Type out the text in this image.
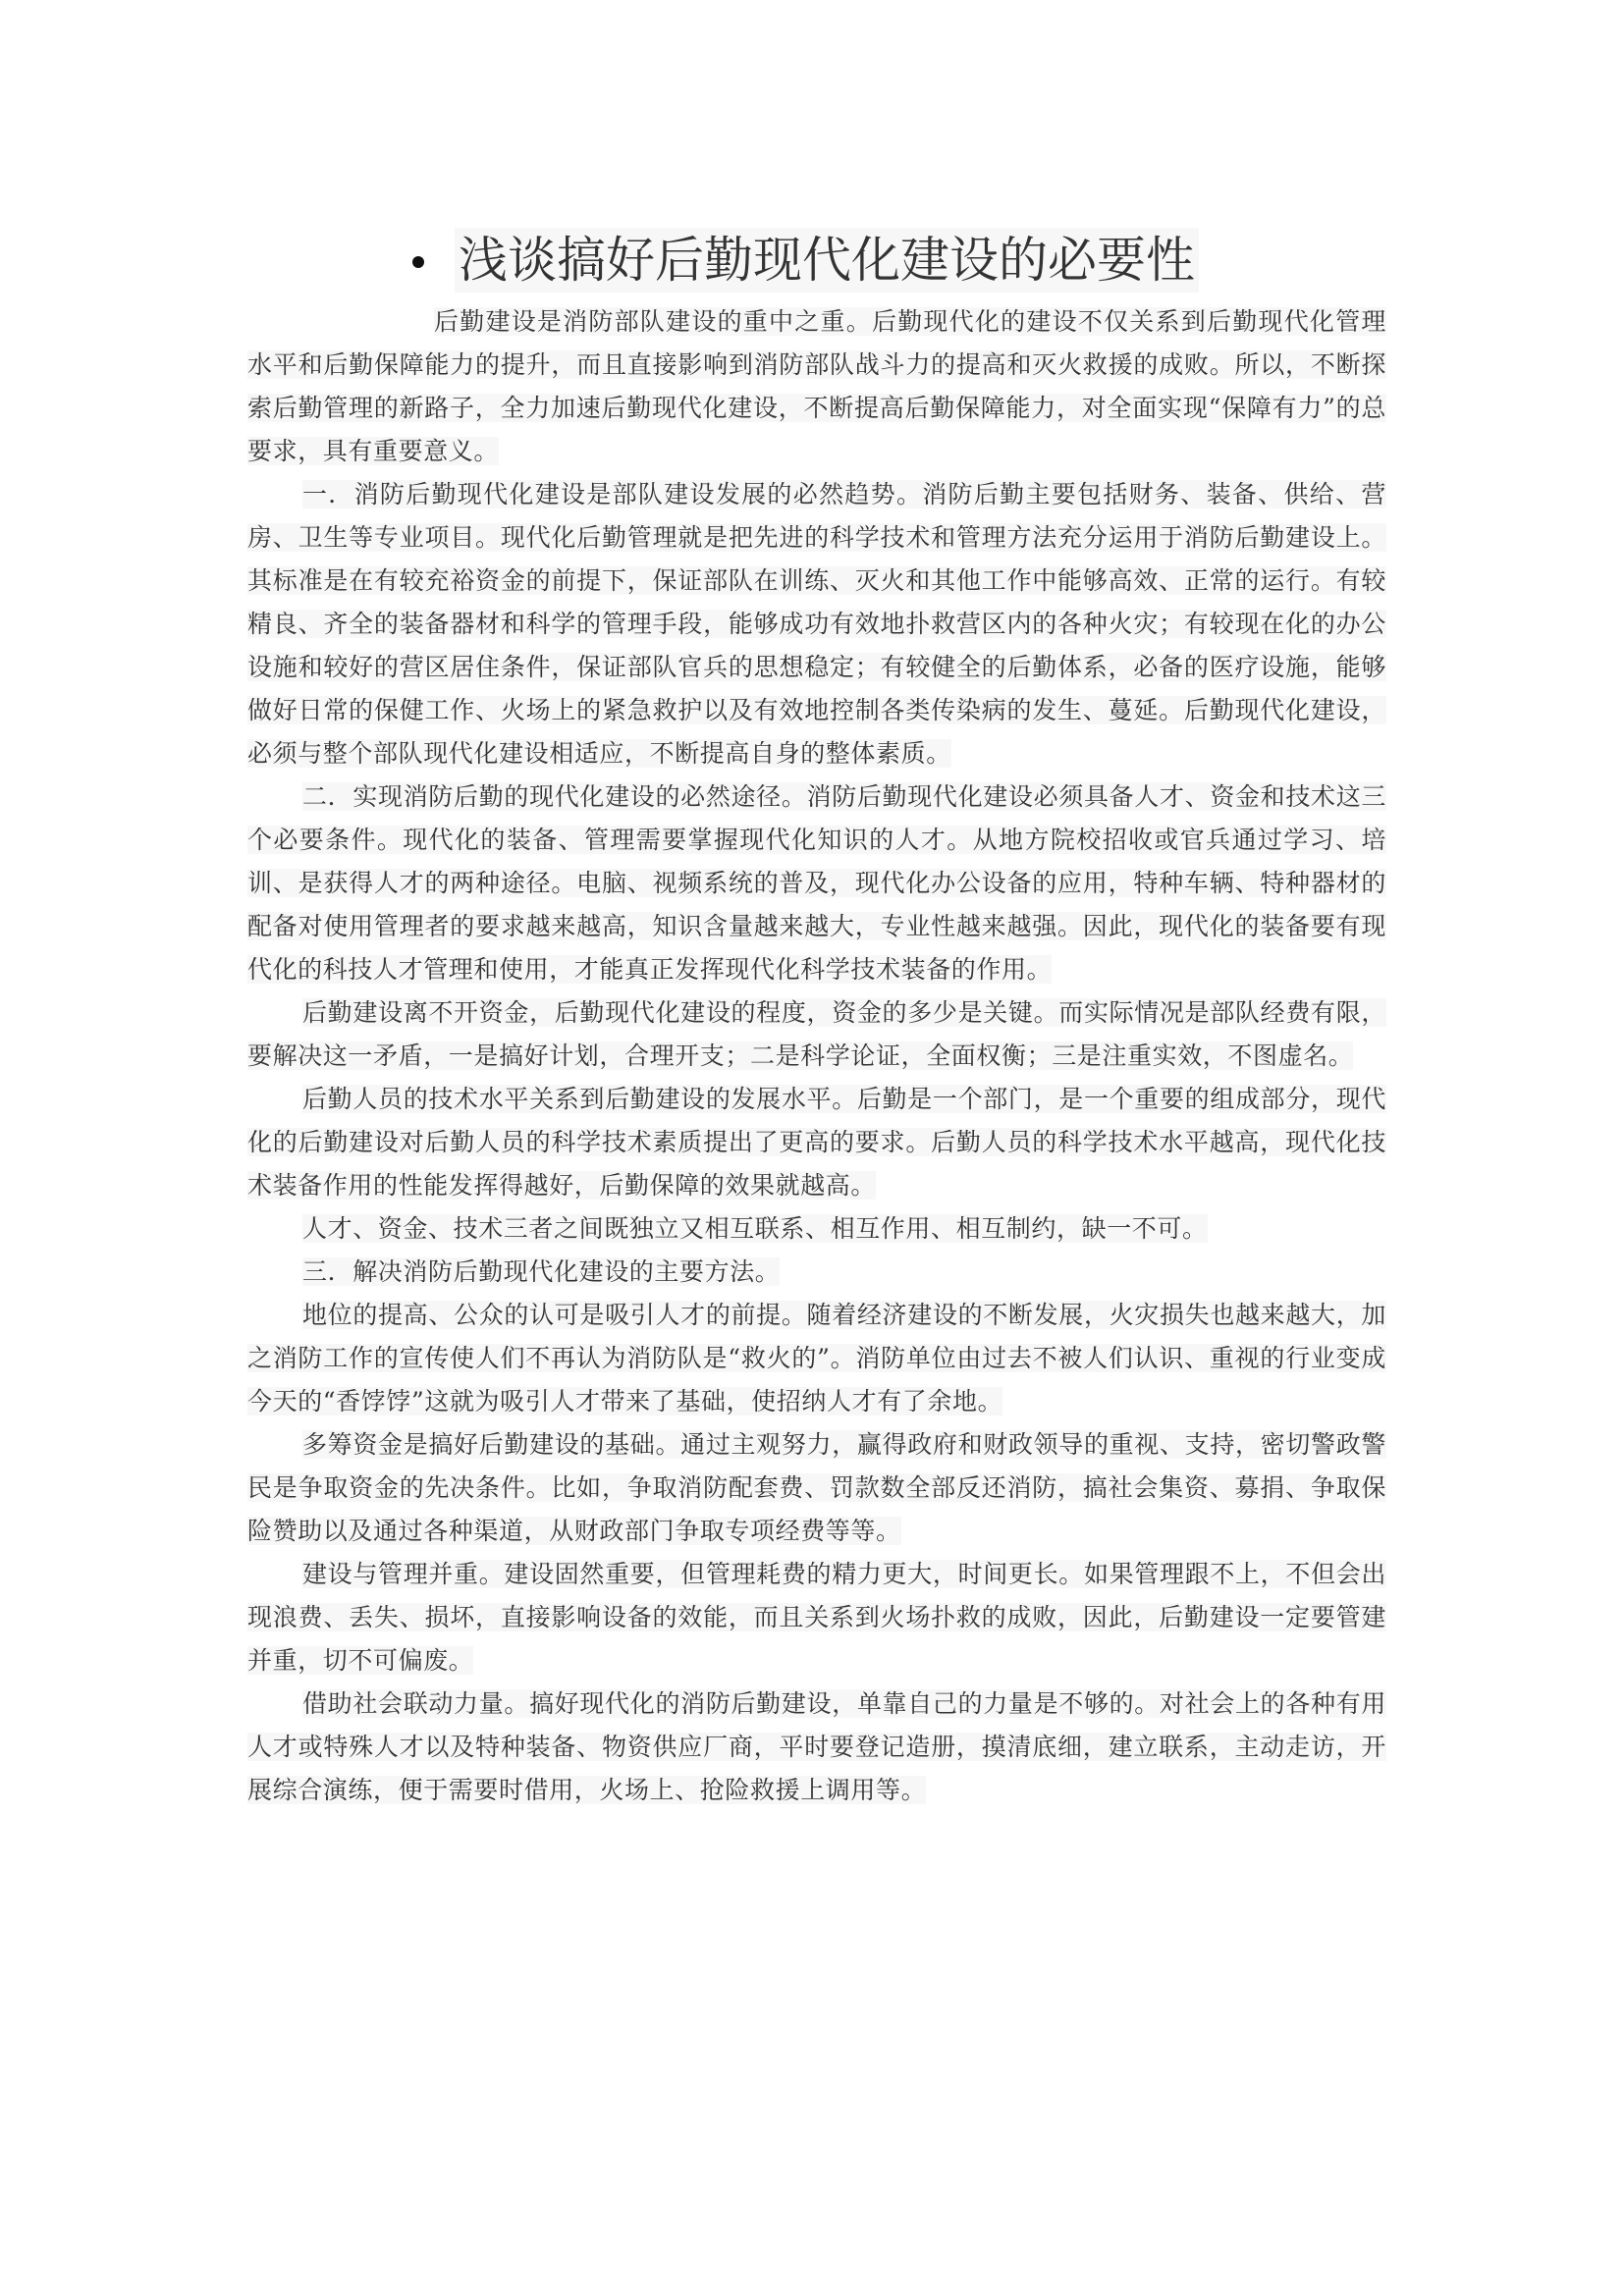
浅谈搞好后勤现代化建设的必要性

后勤建设是消防部队建设的重中之重。后勤现代化的建设不仅关系到后勤现代化管理水平和后勤保障能力的提升，而且直接影响到消防部队战斗力的提高和灭火救援的成败。所以，不断探索后勤管理的新路子，全力加速后勤现代化建设，不断提高后勤保障能力，对全面实现“保障有力”的总要求，具有重要意义。

一．消防后勤现代化建设是部队建设发展的必然趋势。消防后勤主要包括财务、装备、供给、营房、卫生等专业项目。现代化后勤管理就是把先进的科学技术和管理方法充分运用于消防后勤建设上。其标准是在有较充裕资金的前提下，保证部队在训练、灭火和其他工作中能够高效、正常的运行。有较精良、齐全的装备器材和科学的管理手段，能够成功有效地扑救营区内的各种火灾；有较现在化的办公设施和较好的营区居住条件，保证部队官兵的思想稳定；有较健全的后勤体系，必备的医疗设施，能够做好日常的保健工作、火场上的紧急救护以及有效地控制各类传染病的发生、蔓延。后勤现代化建设，必须与整个部队现代化建设相适应，不断提高自身的整体素质。

二．实现消防后勤的现代化建设的必然途径。消防后勤现代化建设必须具备人才、资金和技术这三个必要条件。现代化的装备、管理需要掌握现代化知识的人才。从地方院校招收或官兵通过学习、培训、是获得人才的两种途径。电脑、视频系统的普及，现代化办公设备的应用，特种车辆、特种器材的配备对使用管理者的要求越来越高，知识含量越来越大，专业性越来越强。因此，现代化的装备要有现代化的科技人才管理和使用，才能真正发挥现代化科学技术装备的作用。

后勤建设离不开资金，后勤现代化建设的程度，资金的多少是关键。而实际情况是部队经费有限，要解决这一矛盾，一是搞好计划，合理开支；二是科学论证，全面权衡；三是注重实效，不图虚名。

后勤人员的技术水平关系到后勤建设的发展水平。后勤是一个部门，是一个重要的组成部分，现代化的后勤建设对后勤人员的科学技术素质提出了更高的要求。后勤人员的科学技术水平越高，现代化技术装备作用的性能发挥得越好，后勤保障的效果就越高。

人才、资金、技术三者之间既独立又相互联系、相互作用、相互制约，缺一不可。

三．解决消防后勤现代化建设的主要方法。

地位的提高、公众的认可是吸引人才的前提。随着经济建设的不断发展，火灾损失也越来越大，加之消防工作的宣传使人们不再认为消防队是“救火的”。消防单位由过去不被人们认识、重视的行业变成今天的“香饽饽”这就为吸引人才带来了基础，使招纳人才有了余地。

多筹资金是搞好后勤建设的基础。通过主观努力，赢得政府和财政领导的重视、支持，密切警政警民是争取资金的先决条件。比如，争取消防配套费、罚款数全部反还消防，搞社会集资、募捐、争取保险赞助以及通过各种渠道，从财政部门争取专项经费等等。

建设与管理并重。建设固然重要，但管理耗费的精力更大，时间更长。如果管理跟不上，不但会出现浪费、丢失、损坏，直接影响设备的效能，而且关系到火场扑救的成败，因此，后勤建设一定要管建并重，切不可偏废。

借助社会联动力量。搞好现代化的消防后勤建设，单靠自己的力量是不够的。对社会上的各种有用人才或特殊人才以及特种装备、物资供应厂商，平时要登记造册，摸清底细，建立联系，主动走访，开展综合演练，便于需要时借用，火场上、抢险救援上调用等。
